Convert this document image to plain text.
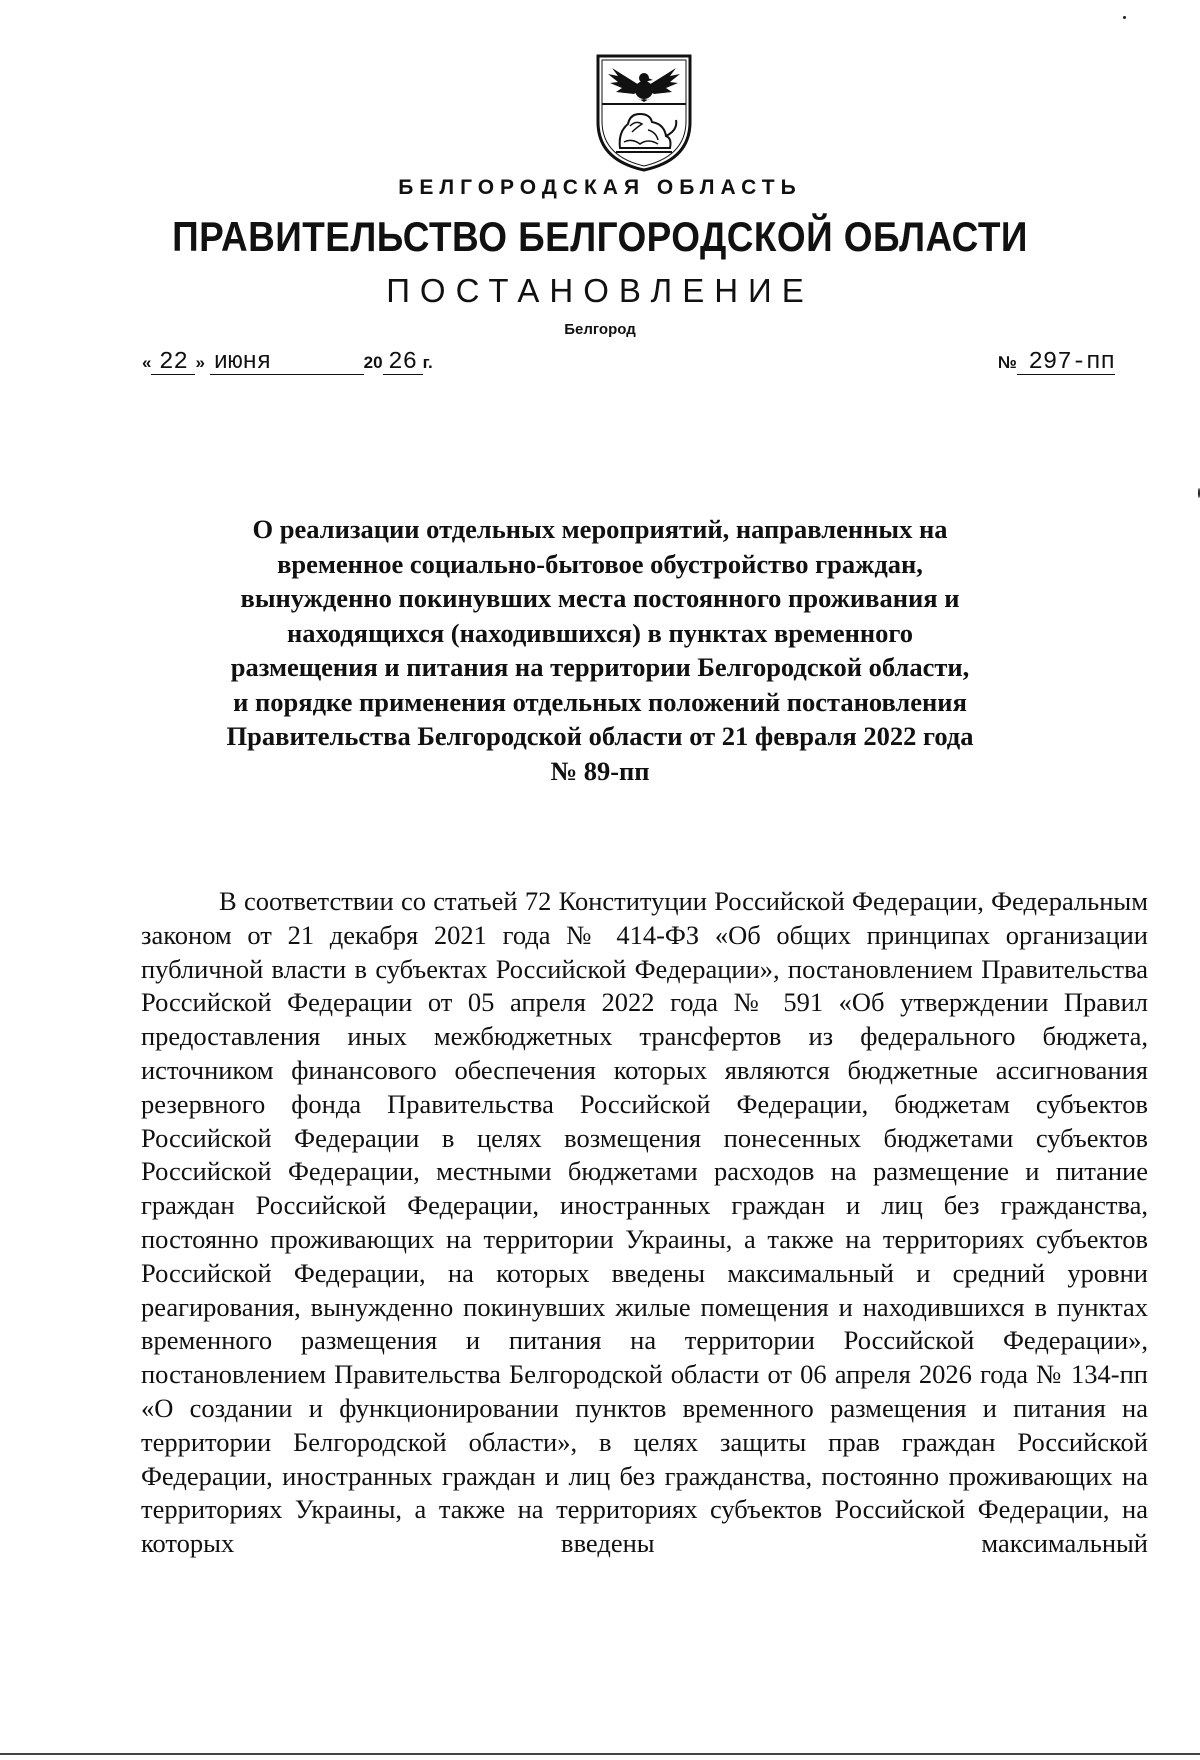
БЕЛГОРОДСКАЯ ОБЛАСТЬ
ПРАВИТЕЛЬСТВО БЕЛГОРОДСКОЙ ОБЛАСТИ
ПОСТАНОВЛЕНИЕ
Белгород
« 22 » июня	20 26 г.	№ 297-пп
О реализации отдельных мероприятий, направленных на временное социально-бытовое обустройство граждан, вынужденно покинувших места постоянного проживания и находящихся (находившихся) в пунктах временного размещения и питания на территории Белгородской области, и порядке применения отдельных положений постановления Правительства Белгородской области от 21 февраля 2022 года № 89-пп
В соответствии со статьей 72 Конституции Российской Федерации, Федеральным законом от 21 декабря 2021 года № 414-ФЗ «Об общих принципах организации публичной власти в субъектах Российской Федерации», постановлением Правительства Российской Федерации от 05 апреля 2022 года № 591 «Об утверждении Правил предоставления иных межбюджетных трансфертов из федерального бюджета, источником финансового обеспечения которых являются бюджетные ассигнования резервного фонда Правительства Российской Федерации, бюджетам субъектов Российской Федерации в целях возмещения понесенных бюджетами субъектов Российской Федерации, местными бюджетами расходов на размещение и питание граждан Российской Федерации, иностранных граждан и лиц без гражданства, постоянно проживающих на территории Украины, а также на территориях субъектов Российской Федерации, на которых введены максимальный и средний уровни реагирования, вынужденно покинувших жилые помещения и находившихся в пунктах временного размещения и питания на территории Российской Федерации», постановлением Правительства Белгородской области от 06 апреля 2026 года № 134-пп «О создании и функционировании пунктов временного размещения и питания на территории Белгородской области», в целях защиты прав граждан Российской Федерации, иностранных граждан и лиц без гражданства, постоянно проживающих на территориях Украины, а также на территориях субъектов Российской Федерации, на которых введены максимальный
